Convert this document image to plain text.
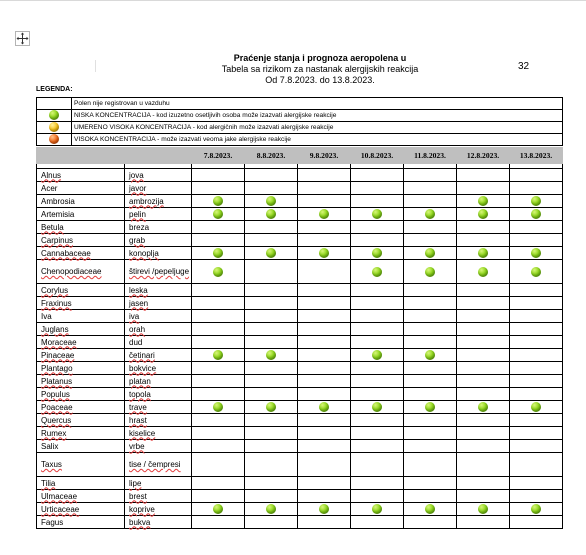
Praćenje stanja i prognoza aeropolena u
Tabela sa rizikom za nastanak alergijskih reakcija
Od 7.8.2023. do 13.8.2023.
32
LEGENDA:
	Polen nije registrovan u vazduhu
	NISKA KONCENTRACIJA - kod izuzetno osetljivih osoba može izazvati alergijske reakcije
	UMERENO VISOKA KONCENTRACIJA - kod alergičnih može izazvati alergijske reakcije
	VISOKA KONCENTRACIJA - može izazvati veoma jake alergijske reakcije
		7.8.2023.	8.8.2023.	9.8.2023.	10.8.2023.	11.8.2023.	12.8.2023.	13.8.2023.

Alnus	jova							
Acer	javor							
Ambrosia	ambrozija							
Artemisia	pelin							
Betula	breza							
Carpinus	grab							
Cannabaceae	konoplja							
Chenopodiaceae	štirevi /pepeljuge							
Corylus	leska							
Fraxinus	jasen							
Iva	iva							
Juglans	orah							
Moraceae	dud							
Pinaceae	četinari							
Plantago	bokvice							
Platanus	platan							
Populus	topola							
Poaceae	trave							
Quercus	hrast							
Rumex	kiselice							
Salix	vrbe							
Taxus	tise / čempresi							
Tilia	lipe							
Ulmaceae	brest							
Urticaceae	koprive							
Fagus	bukva							
